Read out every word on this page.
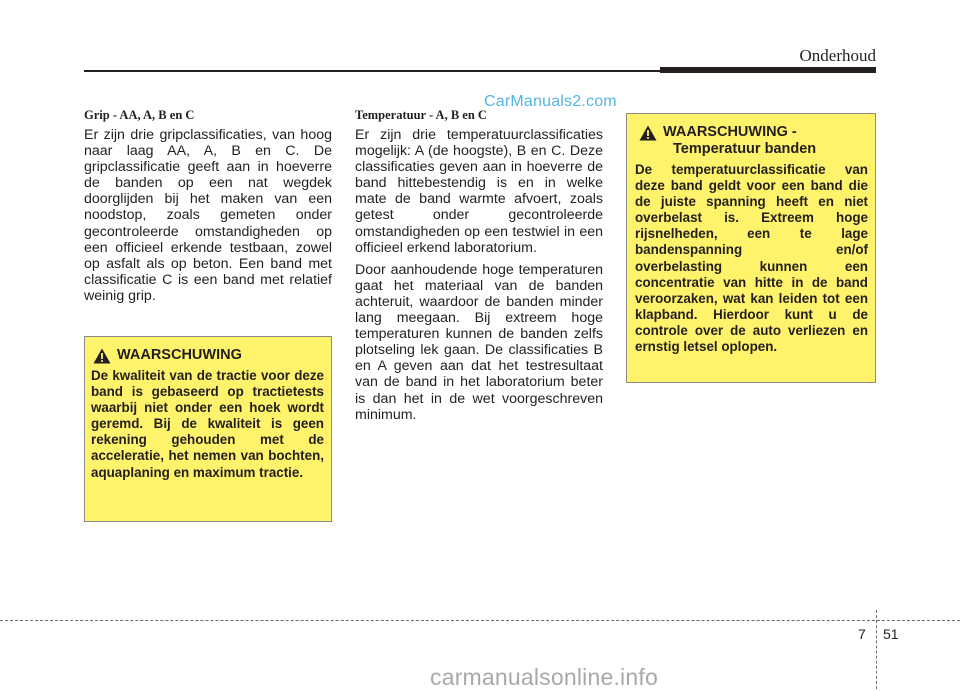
Onderhoud
CarManuals2.com

Grip - AA, A, B en C

Er zijn drie gripclassificaties, van hoog naar laag AA, A, B en C. De gripclassificatie geeft aan in hoeverre de banden op een nat wegdek doorglijden bij het maken van een noodstop, zoals gemeten onder gecontroleerde omstandigheden op een officieel erkende testbaan, zowel op asfalt als op beton. Een band met classificatie C is een band met relatief weinig grip.

WAARSCHUWING

De kwaliteit van de tractie voor deze band is gebaseerd op tractietests waarbij niet onder een hoek wordt geremd. Bij de kwaliteit is geen rekening gehouden met de acceleratie, het nemen van bochten, aquaplaning en maximum tractie.

Temperatuur - A, B en C

Er zijn drie temperatuurclassificaties mogelijk: A (de hoogste), B en C. Deze classificaties geven aan in hoeverre de band hittebestendig is en in welke mate de band warmte afvoert, zoals getest onder gecontroleerde omstandigheden op een testwiel in een officieel erkend laboratorium.

Door aanhoudende hoge temperaturen gaat het materiaal van de banden achteruit, waardoor de banden minder lang meegaan. Bij extreem hoge temperaturen kunnen de banden zelfs plotseling lek gaan. De classificaties B en A geven aan dat het testresultaat van de band in het laboratorium beter is dan het in de wet voorgeschreven minimum.

WAARSCHUWING -
Temperatuur banden

De temperatuurclassificatie van deze band geldt voor een band die de juiste spanning heeft en niet overbelast is. Extreem hoge rijsnelheden, een te lage bandenspanning en/of overbelasting kunnen een concentratie van hitte in de band veroorzaken, wat kan leiden tot een klapband. Hierdoor kunt u de controle over de auto verliezen en ernstig letsel oplopen.

7 51
carmanualsonline.info
